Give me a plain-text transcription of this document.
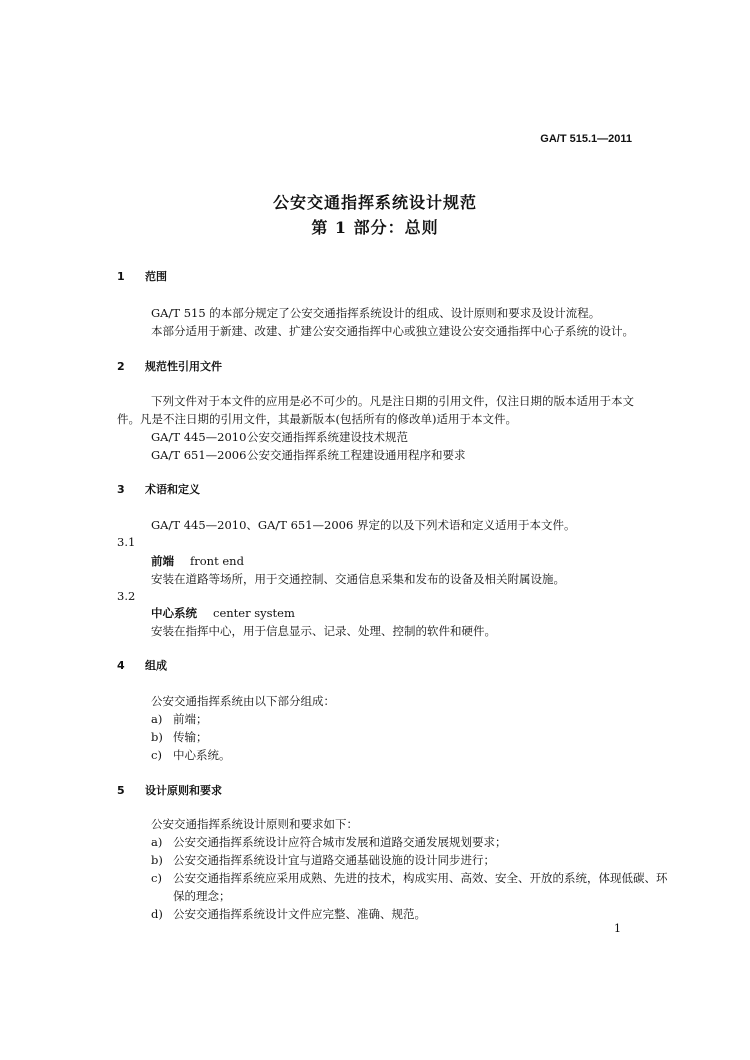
GA/T 515.1—2011
公安交通指挥系统设计规范
第 1 部分：总则
1 范围
GA/T 515 的本部分规定了公安交通指挥系统设计的组成、设计原则和要求及设计流程。
本部分适用于新建、改建、扩建公安交通指挥中心或独立建设公安交通指挥中心子系统的设计。
2 规范性引用文件
下列文件对于本文件的应用是必不可少的。凡是注日期的引用文件，仅注日期的版本适用于本文
件。凡是不注日期的引用文件，其最新版本(包括所有的修改单)适用于本文件。
GA/T 445—2010公安交通指挥系统建设技术规范
GA/T 651—2006公安交通指挥系统工程建设通用程序和要求
3 术语和定义
GA/T 445—2010、GA/T 651—2006 界定的以及下列术语和定义适用于本文件。
3.1
前端 front end
安装在道路等场所，用于交通控制、交通信息采集和发布的设备及相关附属设施。
3.2
中心系统 center system
安装在指挥中心，用于信息显示、记录、处理、控制的软件和硬件。
4 组成
公安交通指挥系统由以下部分组成：
a) 前端；
b) 传输；
c) 中心系统。
5 设计原则和要求
公安交通指挥系统设计原则和要求如下：
a) 公安交通指挥系统设计应符合城市发展和道路交通发展规划要求；
b) 公安交通指挥系统设计宜与道路交通基础设施的设计同步进行；
c) 公安交通指挥系统应采用成熟、先进的技术，构成实用、高效、安全、开放的系统，体现低碳、环
保的理念；
d) 公安交通指挥系统设计文件应完整、准确、规范。
1
